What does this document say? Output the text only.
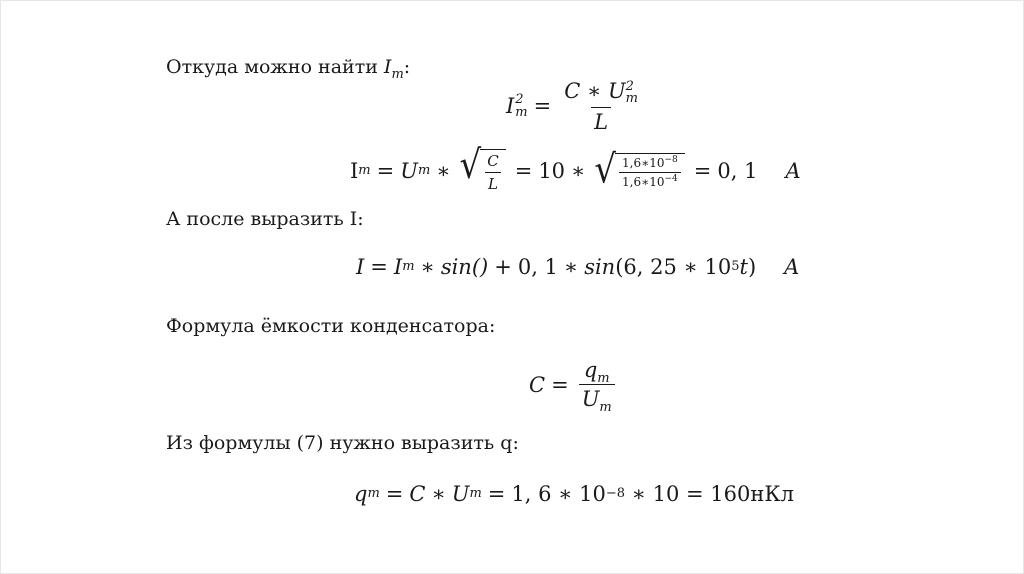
Откуда можно найти $I_m$:
I 2
m = C ∗ U 2
m
L
I m = U m ∗ √ $\frac{C}{L} = 10$ ∗ √ $\frac{1,6∗10^{-8}}{1,6∗10^{-4}} = 0$, 1 A
А после выразить I:
I = I m ∗ sin() + 0, 1 ∗ sin (6, 25 ∗ 10 5 t ) A
Формула ёмкости конденсатора:
$C = \frac{q_m}{U_m}$
Из формулы (7) нужно выразить q:
q m = C ∗ U m = 1, 6 ∗ 10 −8 ∗ 10 = 160нКл
